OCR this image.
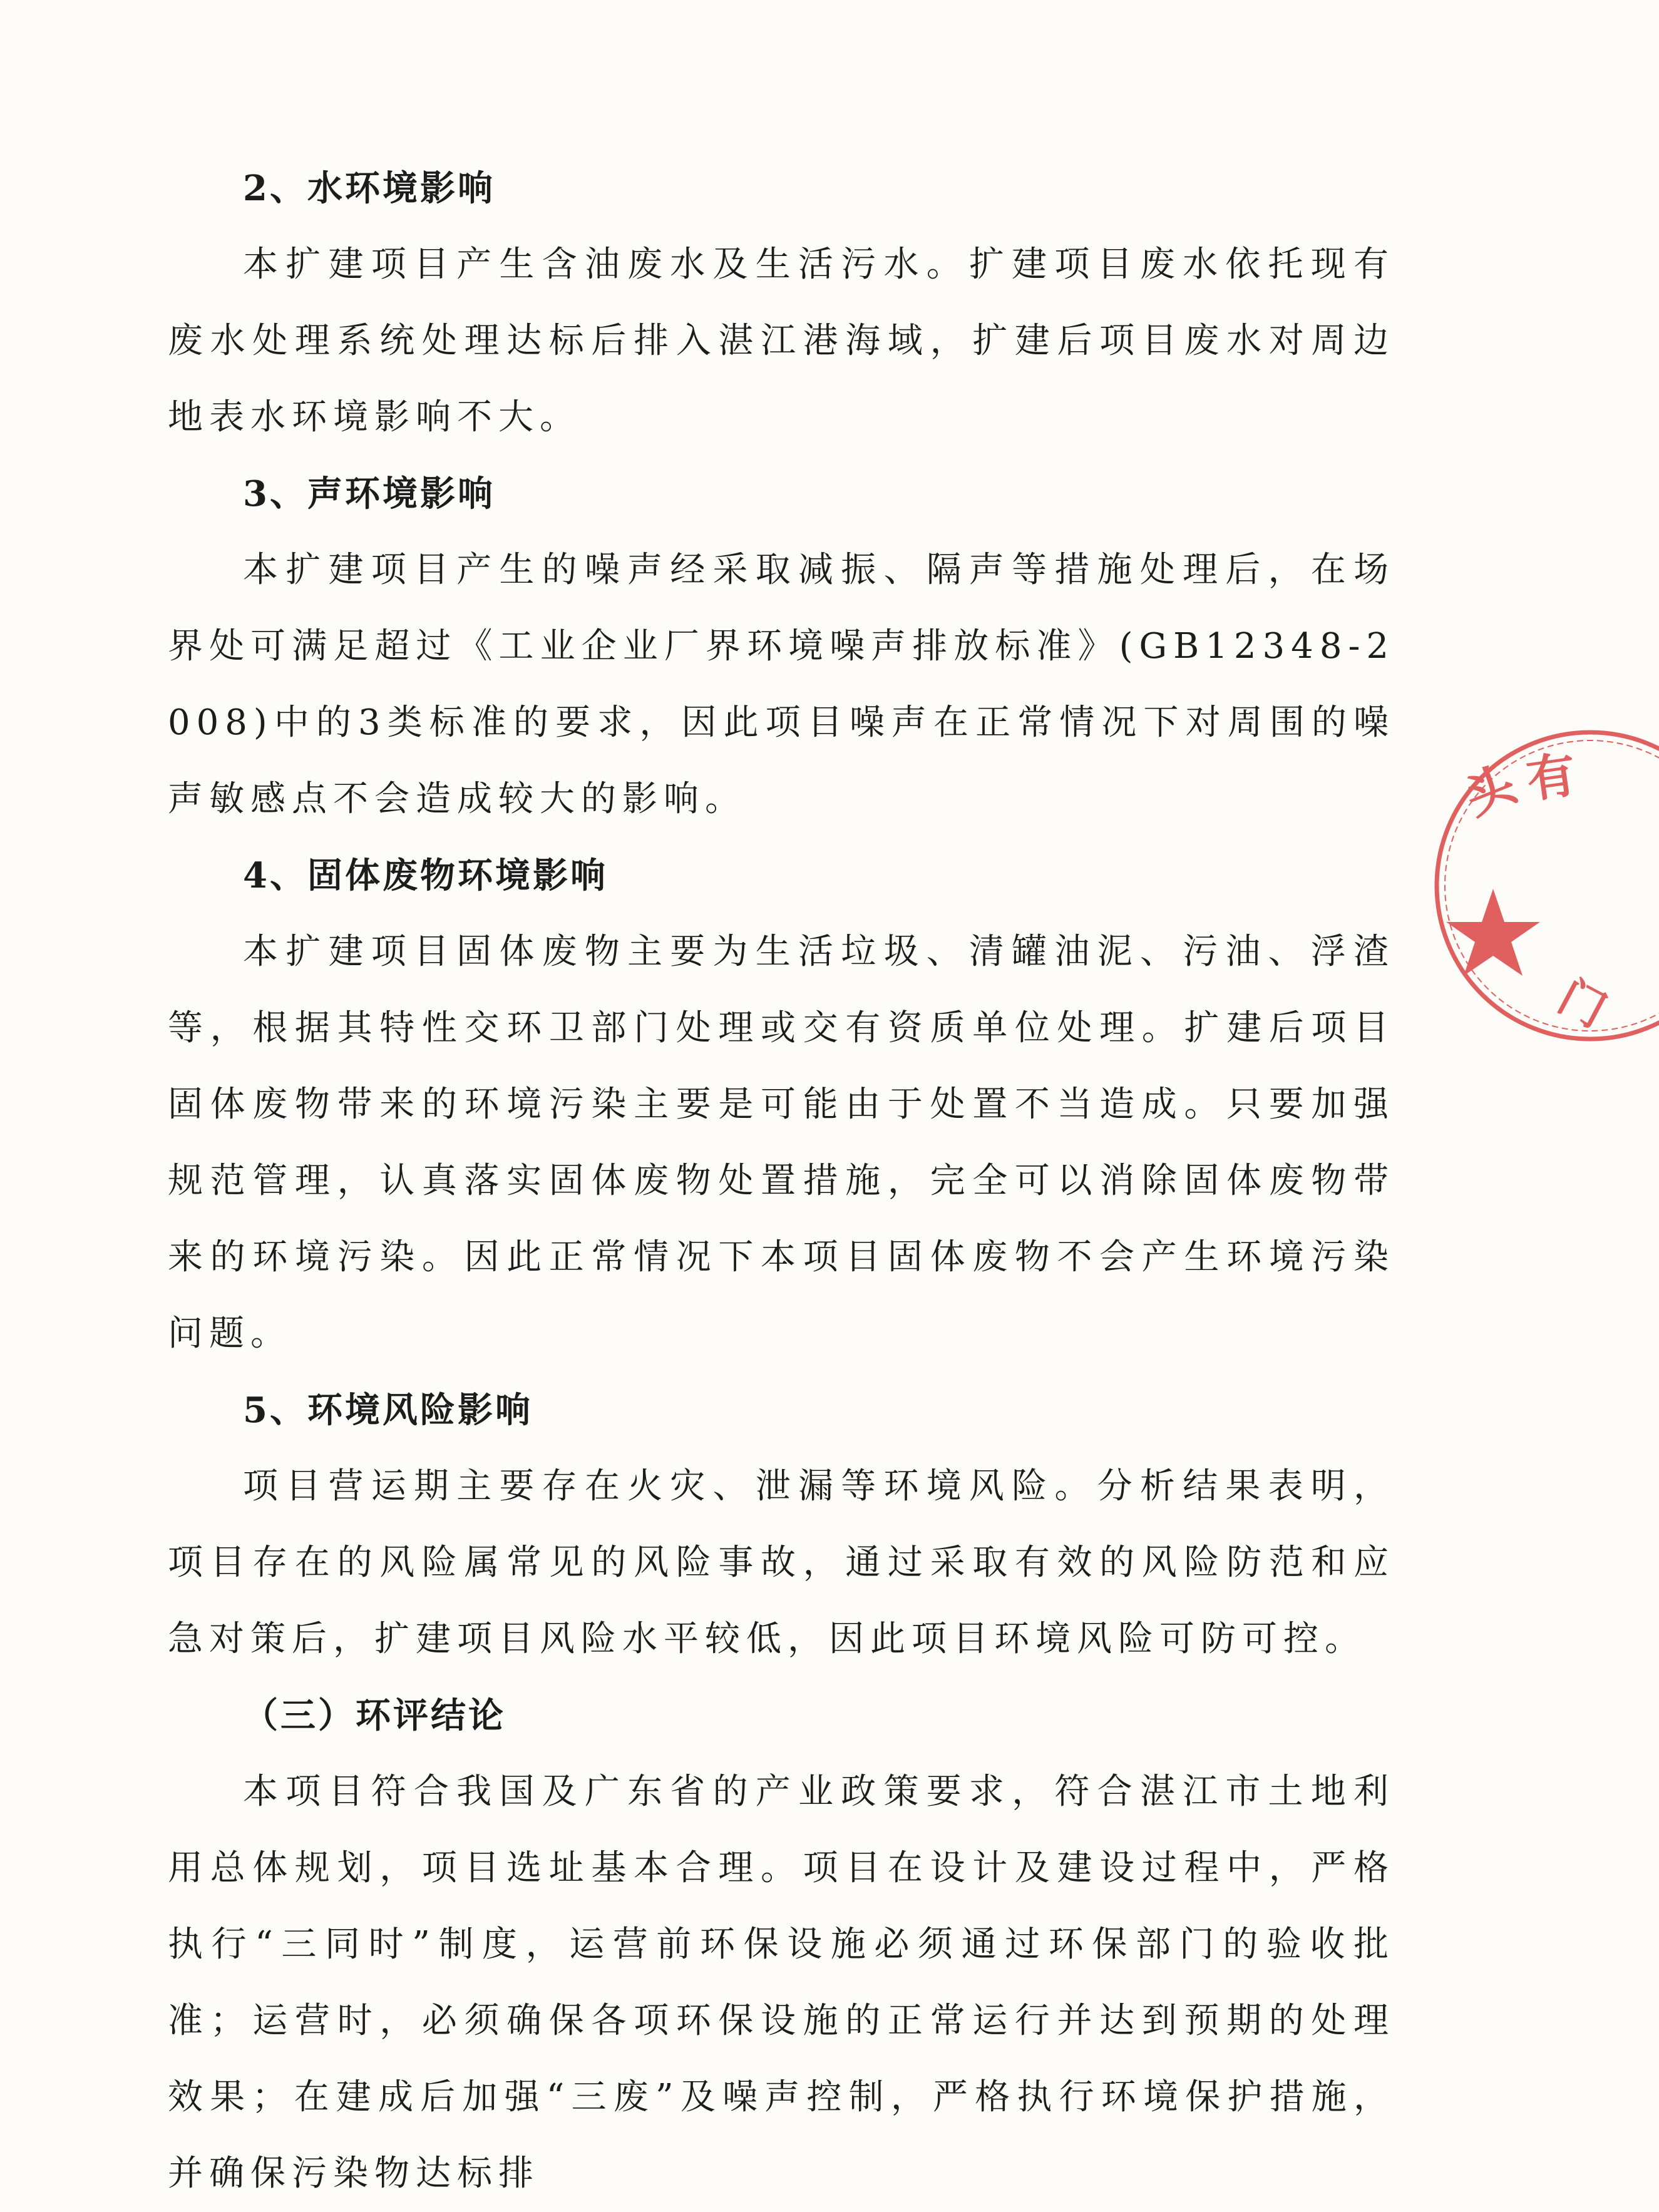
2、水环境影响

本扩建项目产生含油废水及生活污水。扩建项目废水依托现有废水处理系统处理达标后排入湛江港海域，扩建后项目废水对周边地表水环境影响不大。

3、声环境影响

本扩建项目产生的噪声经采取减振、隔声等措施处理后，在场界处可满足超过《工业企业厂界环境噪声排放标准》(GB12348-2008)中的3类标准的要求，因此项目噪声在正常情况下对周围的噪声敏感点不会造成较大的影响。

4、固体废物环境影响

本扩建项目固体废物主要为生活垃圾、清罐油泥、污油、浮渣等，根据其特性交环卫部门处理或交有资质单位处理。扩建后项目固体废物带来的环境污染主要是可能由于处置不当造成。只要加强规范管理，认真落实固体废物处置措施，完全可以消除固体废物带来的环境污染。因此正常情况下本项目固体废物不会产生环境污染问题。

5、环境风险影响

项目营运期主要存在火灾、泄漏等环境风险。分析结果表明，项目存在的风险属常见的风险事故，通过采取有效的风险防范和应急对策后，扩建项目风险水平较低，因此项目环境风险可防可控。

（三）环评结论

本项目符合我国及广东省的产业政策要求，符合湛江市土地利用总体规划，项目选址基本合理。项目在设计及建设过程中，严格执行“三同时”制度，运营前环保设施必须通过环保部门的验收批准；运营时，必须确保各项环保设施的正常运行并达到预期的处理效果；在建成后加强“三废”及噪声控制，严格执行环境保护措施，并确保污染物达标排

头 有
门
